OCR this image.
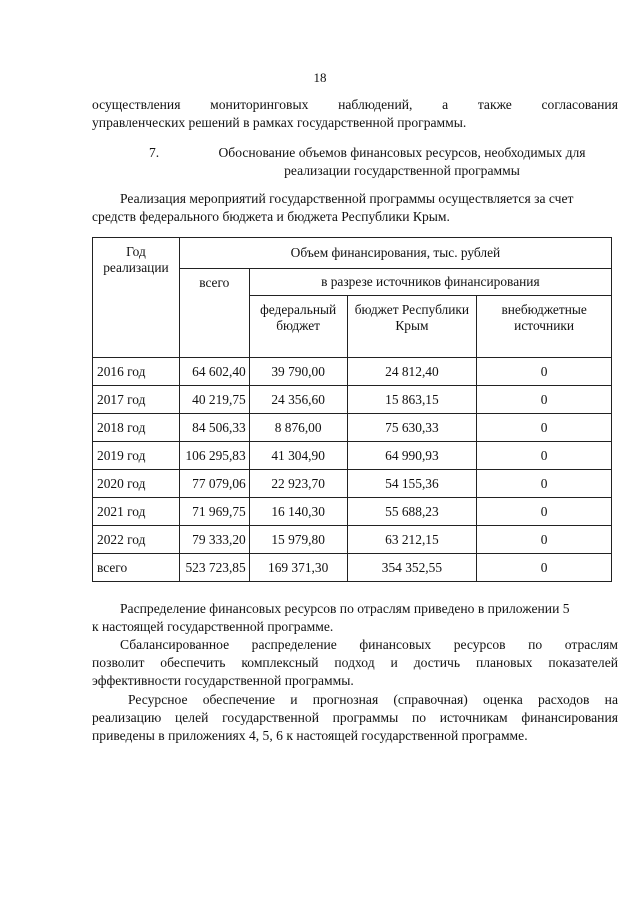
18
осуществления мониторинговых наблюдений, а также согласования
управленческих решений в рамках государственной программы.
7.	Обоснование объемов финансовых ресурсов, необходимых для
реализации государственной программы
Реализация мероприятий государственной программы осуществляется за счет
средств федерального бюджета и бюджета Республики Крым.
Год реализации	Объем финансирования, тыс. рублей			
	всего	в разрезе источников финансирования		
		федеральный бюджет	бюджет Республики Крым	внебюджетные источники
2016 год	64 602,40	39 790,00	24 812,40	0
2017 год	40 219,75	24 356,60	15 863,15	0
2018 год	84 506,33	8 876,00	75 630,33	0
2019 год	106 295,83	41 304,90	64 990,93	0
2020 год	77 079,06	22 923,70	54 155,36	0
2021 год	71 969,75	16 140,30	55 688,23	0
2022 год	79 333,20	15 979,80	63 212,15	0
всего	523 723,85	169 371,30	354 352,55	0
Распределение финансовых ресурсов по отраслям приведено в приложении 5
к настоящей государственной программе.
Сбалансированное распределение финансовых ресурсов по отраслям
позволит обеспечить комплексный подход и достичь плановых показателей
эффективности государственной программы.
Ресурсное обеспечение и прогнозная (справочная) оценка расходов на
реализацию целей государственной программы по источникам финансирования
приведены в приложениях 4, 5, 6 к настоящей государственной программе.
